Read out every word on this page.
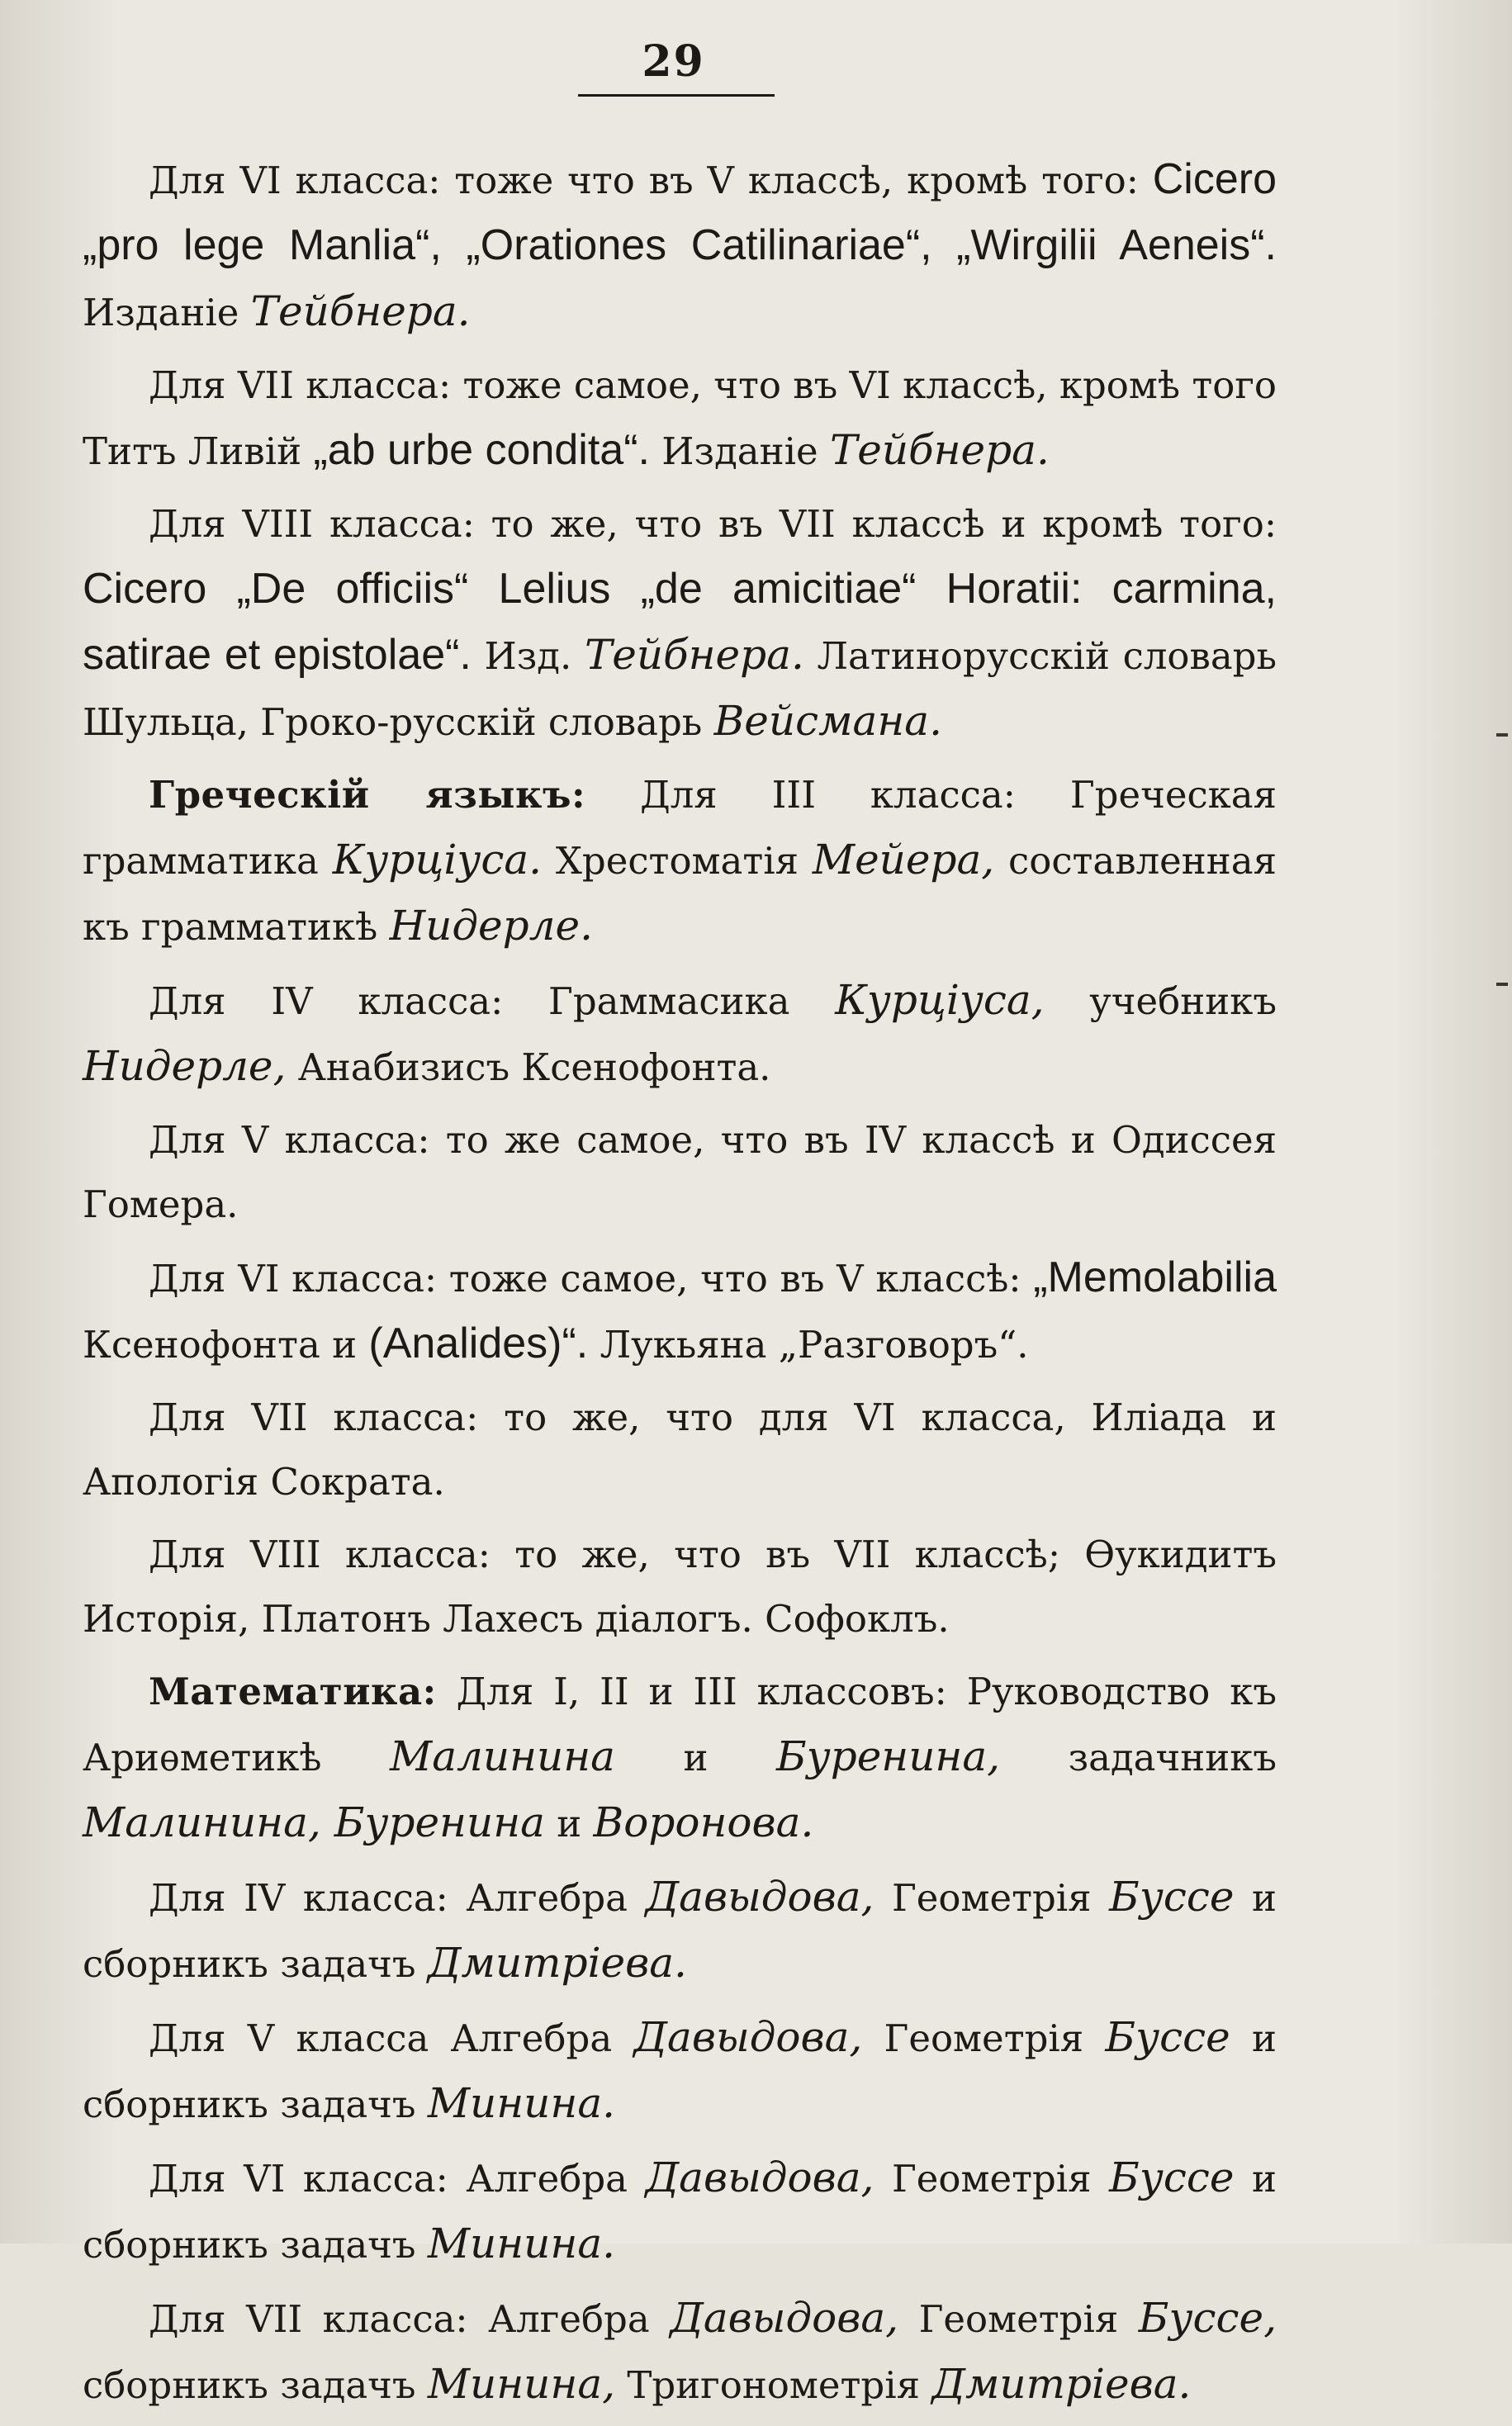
29

Для VI класса: тоже что въ V классѣ, кромѣ того: Cicero „pro lege Manlia“, „Orationes Catilinariae“, „Wirgilii Aeneis“. Изданіе Тейбнера.

Для VII класса: тоже самое, что въ VI классѣ, кромѣ того Титъ Ливій „ab urbe condita“. Изданіе Тейбнера.

Для VIII класса: то же, что въ VII классѣ и кромѣ того: Cicero „De officiis“ Lelius „de amicitiae“ Horatii: carmina, satirae et epistolae“. Изд. Тейбнера. Латинорусскій словарь Шульца, Гроко-русскій словарь Вейсмана.

Греческій языкъ: Для III класса: Греческая грамматика Курціуса. Хрестоматія Мейера, составленная къ грамматикѣ Нидерле.

Для IV класса: Граммасика Курціуса, учебникъ Нидерле, Анабизисъ Ксенофонта.

Для V класса: то же самое, что въ IV классѣ и Одиссея Гомера.

Для VI класса: тоже самое, что въ V классѣ: „Memolabilia Ксенофонта и (Analides)“. Лукьяна „Разговоръ“.

Для VII класса: то же, что для VI класса, Иліада и Апологія Сократа.

Для VIII класса: то же, что въ VII классѣ; Ѳукидитъ Исторія, Платонъ Лахесъ діалогъ. Софоклъ.

Математика: Для I, II и III классовъ: Руководство къ Ариѳметикѣ Малинина и Буренина, задачникъ Малинина, Буренина и Воронова.

Для IV класса: Алгебра Давыдова, Геометрія Буссе и сборникъ задачъ Дмитріева.

Для V класса Алгебра Давыдова, Геометрія Буссе и сборникъ задачъ Минина.

Для VI класса: Алгебра Давыдова, Геометрія Буссе и сборникъ задачъ Минина.

Для VII класса: Алгебра Давыдова, Геометрія Буссе, сборникъ задачъ Минина, Тригонометрія Дмитріева.
